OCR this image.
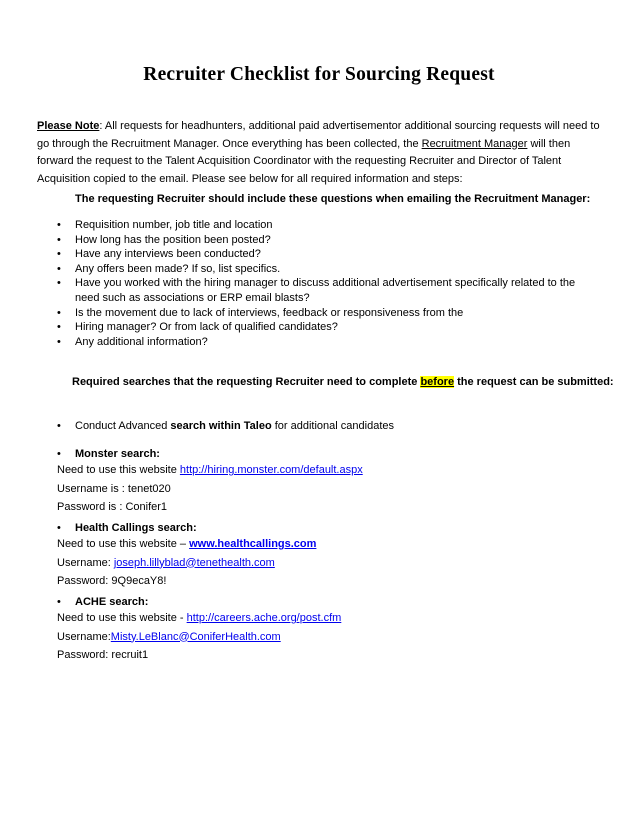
Recruiter Checklist for Sourcing Request
Please Note: All requests for headhunters, additional paid advertisementor additional sourcing requests will need to go through the Recruitment Manager. Once everything has been collected, the Recruitment Manager will then forward the request to the Talent Acquisition Coordinator with the requesting Recruiter and Director of Talent Acquisition copied to the email. Please see below for all required information and steps:
The requesting Recruiter should include these questions when emailing the Recruitment Manager:
• Requisition number, job title and location
• How long has the position been posted?
• Have any interviews been conducted?
• Any offers been made? If so, list specifics.
• Have you worked with the hiring manager to discuss additional advertisement specifically related to the need such as associations or ERP email blasts?
• Is the movement due to lack of interviews, feedback or responsiveness from the
• Hiring manager? Or from lack of qualified candidates?
• Any additional information?
Required searches that the requesting Recruiter need to complete before the request can be submitted:
• Conduct Advanced search within Taleo for additional candidates
• Monster search:
Need to use this website http://hiring.monster.com/default.aspx
Username is : tenet020
Password is : Conifer1
• Health Callings search:
Need to use this website – www.healthcallings.com
Username: joseph.lillyblad@tenethealth.com
Password: 9Q9ecaY8!
• ACHE search:
Need to use this website - http://careers.ache.org/post.cfm
Username:Misty.LeBlanc@ConiferHealth.com
Password: recruit1
